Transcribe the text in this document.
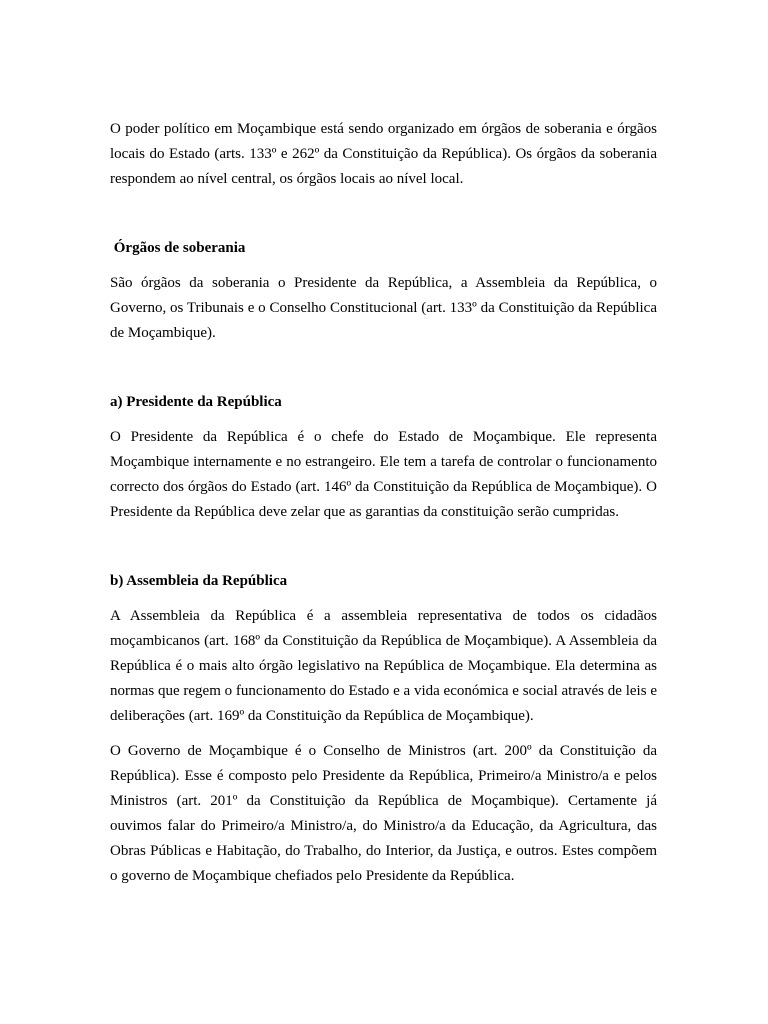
O poder político em Moçambique está sendo organizado em órgãos de soberania e órgãos locais do Estado (arts. 133º e 262º da Constituição da República). Os órgãos da soberania respondem ao nível central, os órgãos locais ao nível local.

Órgãos de soberania

São órgãos da soberania o Presidente da República, a Assembleia da República, o Governo, os Tribunais e o Conselho Constitucional (art. 133º da Constituição da República de Moçambique).

a) Presidente da República

O Presidente da República é o chefe do Estado de Moçambique. Ele representa Moçambique internamente e no estrangeiro. Ele tem a tarefa de controlar o funcionamento correcto dos órgãos do Estado (art. 146º da Constituição da República de Moçambique). O Presidente da República deve zelar que as garantias da constituição serão cumpridas.

b) Assembleia da República

A Assembleia da República é a assembleia representativa de todos os cidadãos moçambicanos (art. 168º da Constituição da República de Moçambique). A Assembleia da República é o mais alto órgão legislativo na República de Moçambique. Ela determina as normas que regem o funcionamento do Estado e a vida económica e social através de leis e deliberações (art. 169º da Constituição da República de Moçambique).

O Governo de Moçambique é o Conselho de Ministros (art. 200º da Constituição da República). Esse é composto pelo Presidente da República, Primeiro/a Ministro/a e pelos Ministros (art. 201º da Constituição da República de Moçambique). Certamente já ouvimos falar do Primeiro/a Ministro/a, do Ministro/a da Educação, da Agricultura, das Obras Públicas e Habitação, do Trabalho, do Interior, da Justiça, e outros. Estes compõem o governo de Moçambique chefiados pelo Presidente da República.
